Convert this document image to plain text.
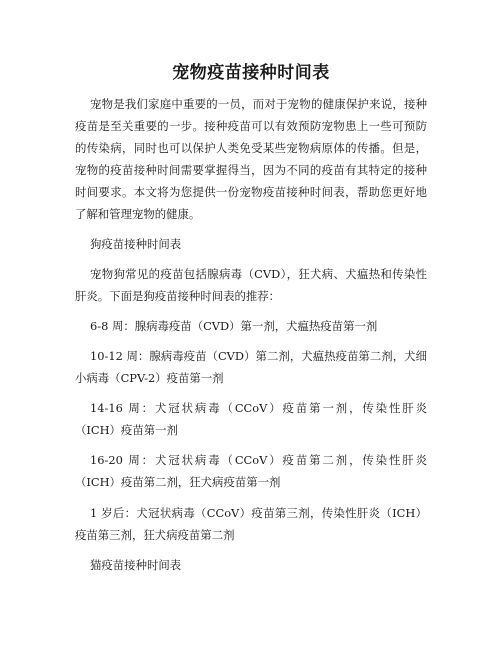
宠物疫苗接种时间表

宠物是我们家庭中重要的一员，而对于宠物的健康保护来说，接种疫苗是至关重要的一步。接种疫苗可以有效预防宠物患上一些可预防的传染病，同时也可以保护人类免受某些宠物病原体的传播。但是，宠物的疫苗接种时间需要掌握得当，因为不同的疫苗有其特定的接种时间要求。本文将为您提供一份宠物疫苗接种时间表，帮助您更好地了解和管理宠物的健康。

狗疫苗接种时间表

宠物狗常见的疫苗包括腺病毒（CVD），狂犬病、犬瘟热和传染性肝炎。下面是狗疫苗接种时间表的推荐：

6-8 周：腺病毒疫苗（CVD）第一剂，犬瘟热疫苗第一剂

10-12 周：腺病毒疫苗（CVD）第二剂，犬瘟热疫苗第二剂，犬细小病毒（CPV-2）疫苗第一剂

14-16 周：犬冠状病毒（CCoV）疫苗第一剂，传染性肝炎（ICH）疫苗第一剂

16-20 周：犬冠状病毒（CCoV）疫苗第二剂，传染性肝炎（ICH）疫苗第二剂，狂犬病疫苗第一剂

1 岁后：犬冠状病毒（CCoV）疫苗第三剂，传染性肝炎（ICH）疫苗第三剂，狂犬病疫苗第二剂

猫疫苗接种时间表
